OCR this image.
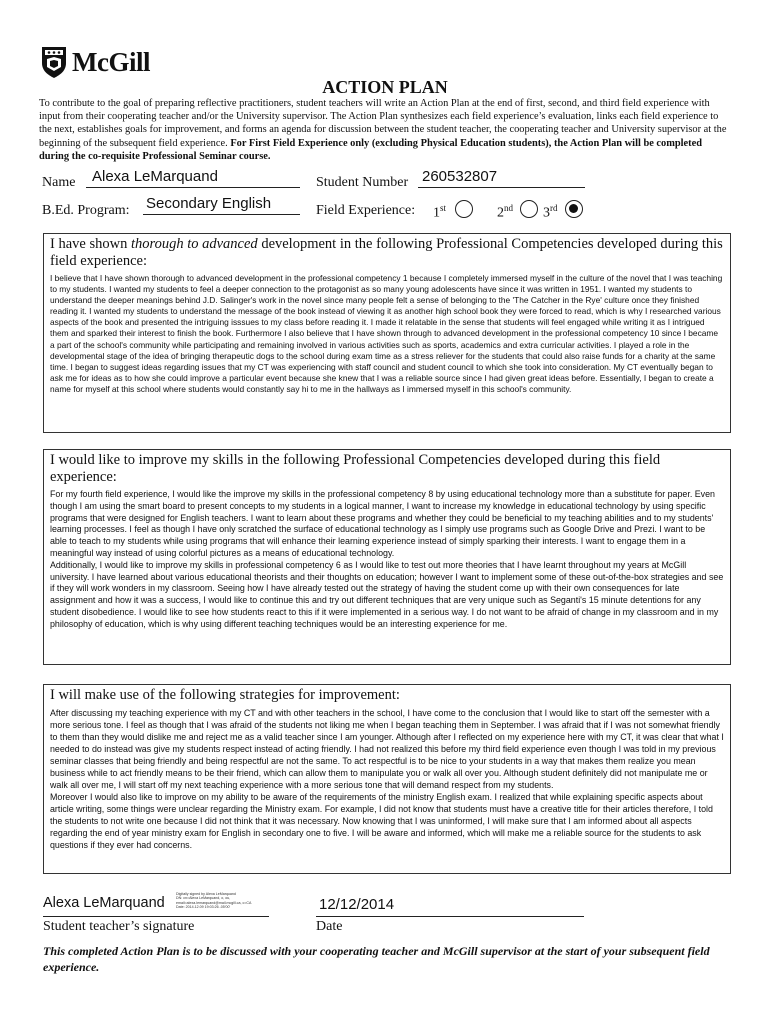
McGill
ACTION PLAN
To contribute to the goal of preparing reflective practitioners, student teachers will write an Action Plan at the end of first, second, and third field experience with input from their cooperating teacher and/or the University supervisor. The Action Plan synthesizes each field experience’s evaluation, links each field experience to the next, establishes goals for improvement, and forms an agenda for discussion between the student teacher, the cooperating teacher and University supervisor at the beginning of the subsequent field experience. For First Field Experience only (excluding Physical Education students), the Action Plan will be completed during the co-requisite Professional Seminar course.
Name Alexa LeMarquand	Student Number 260532807
B.Ed. Program: Secondary English	Field Experience: 1st	2nd 3rd
I have shown thorough to advanced development in the following Professional Competencies developed during this field experience:
I believe that I have shown thorough to advanced development in the professional competency 1 because I completely immersed myself in the culture of the novel that I was teaching to my students. I wanted my students to feel a deeper connection to the protagonist as so many young adolescents have since it was written in 1951. I wanted my students to understand the deeper meanings behind J.D. Salinger's work in the novel since many people felt a sense of belonging to the 'The Catcher in the Rye' culture once they finished reading it. I wanted my students to understand the message of the book instead of viewing it as another high school book they were forced to read, which is why I researched various aspects of the book and presented the intriguing isssues to my class before reading it. I made it relatable in the sense that students will feel engaged while writing it as I intrigued them and sparked their interest to finish the book. Furthermore I also believe that I have shown through to advanced development in the professional competency 10 since I became a part of the school's community while participating and remaining involved in various activities such as sports, academics and extra curricular activities. I played a role in the developmental stage of the idea of bringing therapeutic dogs to the school during exam time as a stress reliever for the students that could also raise funds for a charity at the same time. I began to suggest ideas regarding issues that my CT was experiencing with staff council and student council to which she took into consideration. My CT eventually began to ask me for ideas as to how she could improve a particular event because she knew that I was a reliable source since I had given great ideas before. Essentially, I began to create a name for myself at this school where students would constantly say hi to me in the hallways as I immersed myself in this school's community.
I would like to improve my skills in the following Professional Competencies developed during this field experience:
For my fourth field experience, I would like the improve my skills in the professional competency 8 by using educational technology more than a substitute for paper. Even though I am using the smart board to present concepts to my students in a logical manner, I want to increase my knowledge in educational technology by using specific programs that were designed for English teachers. I want to learn about these programs and whether they could be beneficial to my teaching abilities and to my students' learning processes. I feel as though I have only scratched the surface of educational technology as I simply use programs such as Google Drive and Prezi. I want to be able to teach to my students while using programs that will enhance their learning experience instead of simply sparking their interests. I want to engage them in a meaningful way instead of using colorful pictures as a means of educational technology.
Additionally, I would like to improve my skills in professional competency 6 as I would like to test out more theories that I have learnt throughout my years at McGill university. I have learned about various educational theorists and their thoughts on education; however I want to implement some of these out-of-the-box strategies and see if they will work wonders in my classroom. Seeing how I have already tested out the strategy of having the student come up with their own consequences for late assignment and how it was a success, I would like to continue this and try out different techniques that are very unique such as Seganti's 15 minute detentions for any student disobedience. I would like to see how students react to this if it were implemented in a serious way. I do not want to be afraid of change in my classroom and in my philosophy of education, which is why using different teaching techniques would be an interesting experience for me.
I will make use of the following strategies for improvement:
After discussing my teaching experience with my CT and with other teachers in the school, I have come to the conclusion that I would like to start off the semester with a more serious tone. I feel as though that I was afraid of the students not liking me when I began teaching them in September. I was afraid that if I was not somewhat friendly to them than they would dislike me and reject me as a valid teacher since I am younger. Although after I reflected on my experience here with my CT, it was clear that what I needed to do instead was give my students respect instead of acting friendly. I had not realized this before my third field experience even though I was told in my previous seminar classes that being friendly and being respectful are not the same. To act respectful is to be nice to your students in a way that makes them realize you mean business while to act friendly means to be their friend, which can allow them to manipulate you or walk all over you. Although student definitely did not manipulate me or walk all over me, I will start off my next teaching experience with a more serious tone that will demand respect from my students.
Moreover I would also like to improve on my ability to be aware of the requirements of the ministry English exam. I realized that while explaining specific aspects about article writing, some things were unclear regarding the Ministry exam. For example, I did not know that students must have a creative title for their articles therefore, I told the students to not write one because I did not think that it was necessary. Now knowing that I was uninformed, I will make sure that I am informed about all aspects regarding the end of year ministry exam for English in secondary one to five. I will be aware and informed, which will make me a reliable source for the students to ask questions if they ever had concerns.
Alexa LeMarquand
Digitally signed by Alexa LeMarquand
DN: cn=Alexa LeMarquand, o, ou,
email=alexa.lemarquand@mail.mcgill.ca, c=CA
Date: 2014.12.09 19:03:26 -05'00'
Student teacher’s signature
12/12/2014
Date
This completed Action Plan is to be discussed with your cooperating teacher and McGill supervisor at the start of your subsequent field experience.
